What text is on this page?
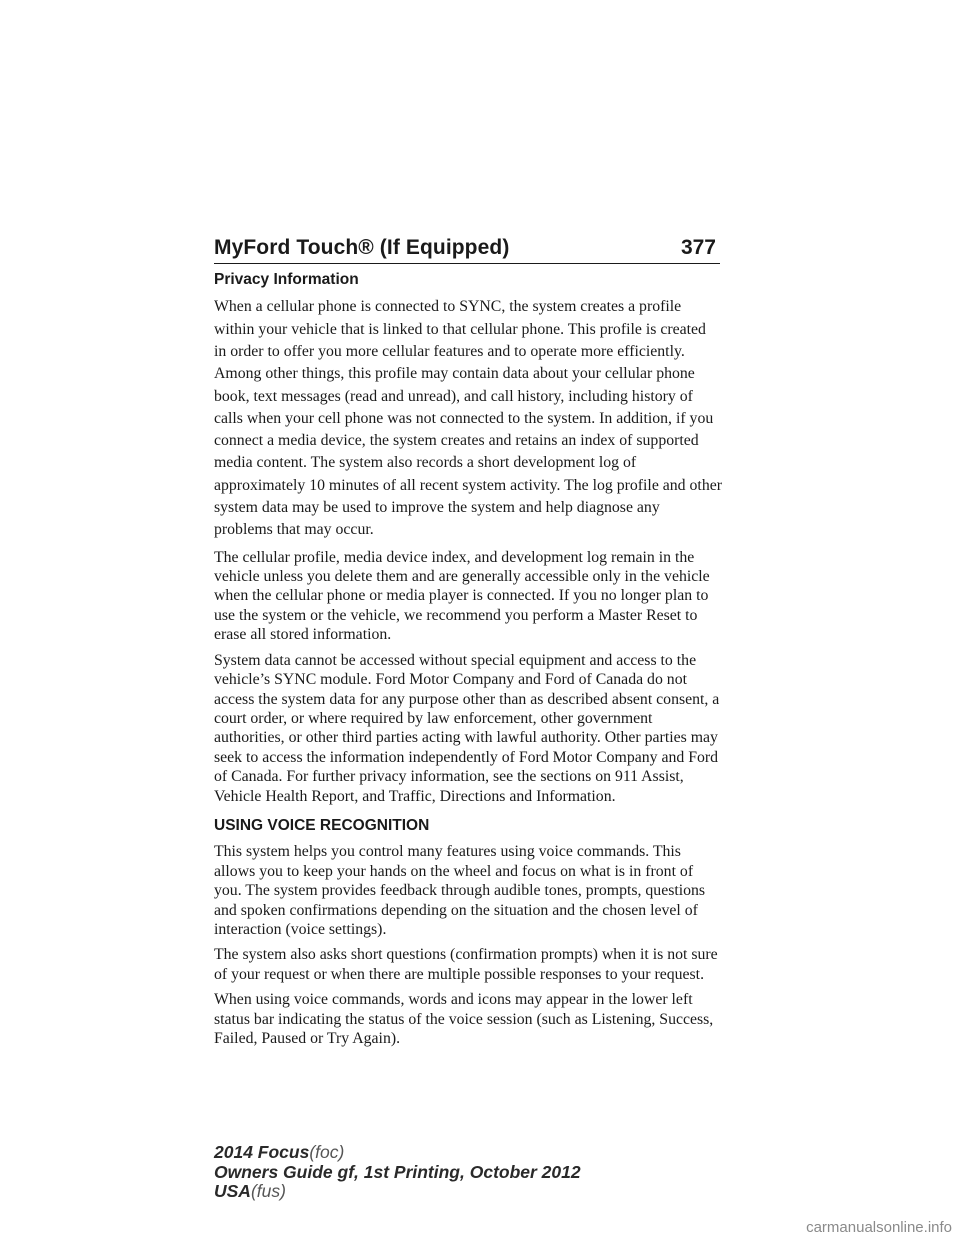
MyFord Touch® (If Equipped)	377
Privacy Information

When a cellular phone is connected to SYNC, the system creates a profile within your vehicle that is linked to that cellular phone. This profile is created in order to offer you more cellular features and to operate more efficiently. Among other things, this profile may contain data about your cellular phone book, text messages (read and unread), and call history, including history of calls when your cell phone was not connected to the system. In addition, if you connect a media device, the system creates and retains an index of supported media content. The system also records a short development log of approximately 10 minutes of all recent system activity. The log profile and other system data may be used to improve the system and help diagnose any problems that may occur.

The cellular profile, media device index, and development log remain in the vehicle unless you delete them and are generally accessible only in the vehicle when the cellular phone or media player is connected. If you no longer plan to use the system or the vehicle, we recommend you perform a Master Reset to erase all stored information.

System data cannot be accessed without special equipment and access to the vehicle’s SYNC module. Ford Motor Company and Ford of Canada do not access the system data for any purpose other than as described absent consent, a court order, or where required by law enforcement, other government authorities, or other third parties acting with lawful authority. Other parties may seek to access the information independently of Ford Motor Company and Ford of Canada. For further privacy information, see the sections on 911 Assist, Vehicle Health Report, and Traffic, Directions and Information.

USING VOICE RECOGNITION

This system helps you control many features using voice commands. This allows you to keep your hands on the wheel and focus on what is in front of you. The system provides feedback through audible tones, prompts, questions and spoken confirmations depending on the situation and the chosen level of interaction (voice settings).

The system also asks short questions (confirmation prompts) when it is not sure of your request or when there are multiple possible responses to your request.

When using voice commands, words and icons may appear in the lower left status bar indicating the status of the voice session (such as Listening, Success, Failed, Paused or Try Again).

2014 Focus(foc)
Owners Guide gf, 1st Printing, October 2012
USA(fus)
carmanualsonline.info
